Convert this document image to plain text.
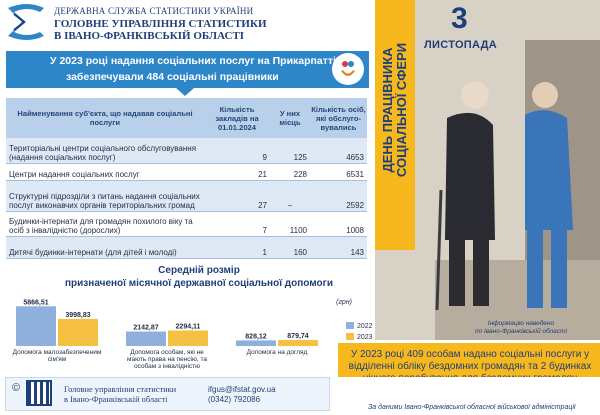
ДЕРЖАВНА СЛУЖБА СТАТИСТИКИ УКРАЇНИ
ГОЛОВНЕ УПРАВЛІННЯ СТАТИСТИКИ
В ІВАНО-ФРАНКІВСЬКІЙ ОБЛАСТІ
У 2023 році надання соціальних послуг на Прикарпатті
забезпечували 484 соціальні працівники
Найменування суб'єкта, що надавав соціальні послуги	Кількість закладів на 01.01.2024	У них місць	Кількість осіб, які обслуго-вувались
Територіальні центри соціального обслуговування (надання соціальних послуг)	9	125	4653
Центри надання соціальних послуг	21	228	6531
Структурні підрозділи з питань надання соціальних послуг виконавчих органів територіальних громад	27	–	2592
Будинки-інтернати для громадян похилого віку та осіб з інвалідністю (дорослих)	7	1100	1008
Дитячі будинки-інтернати (для дітей і молоді)	1	160	143
Середній розмір
призначеної місячної державної соціальної допомоги
5866,51
3998,83
Допомога малозабезпеченим
сім'ям
2142,87 2294,11
Допомога особам, які не
мають права на пенсію, та
особам з інвалідністю
828,12	879,74
Допомога на догляд
(грн)
2022
2023
3
ЛИСТОПАДА
ДЕНЬ ПРАЦІВНИКА СОЦІАЛЬНОЇ СФЕРИ
Інформацію наведено
по Івано-Франківській області
У 2023 році 409 особам надано соціальні послуги у відділенні обліку бездомних громадян та 2 будинках
©	Головне управління статистики
в Івано-Франківській області
ifgus@ifstat.gov.ua
(0342) 792086
За даними Івано-Франківської обласної військової адміністрації
